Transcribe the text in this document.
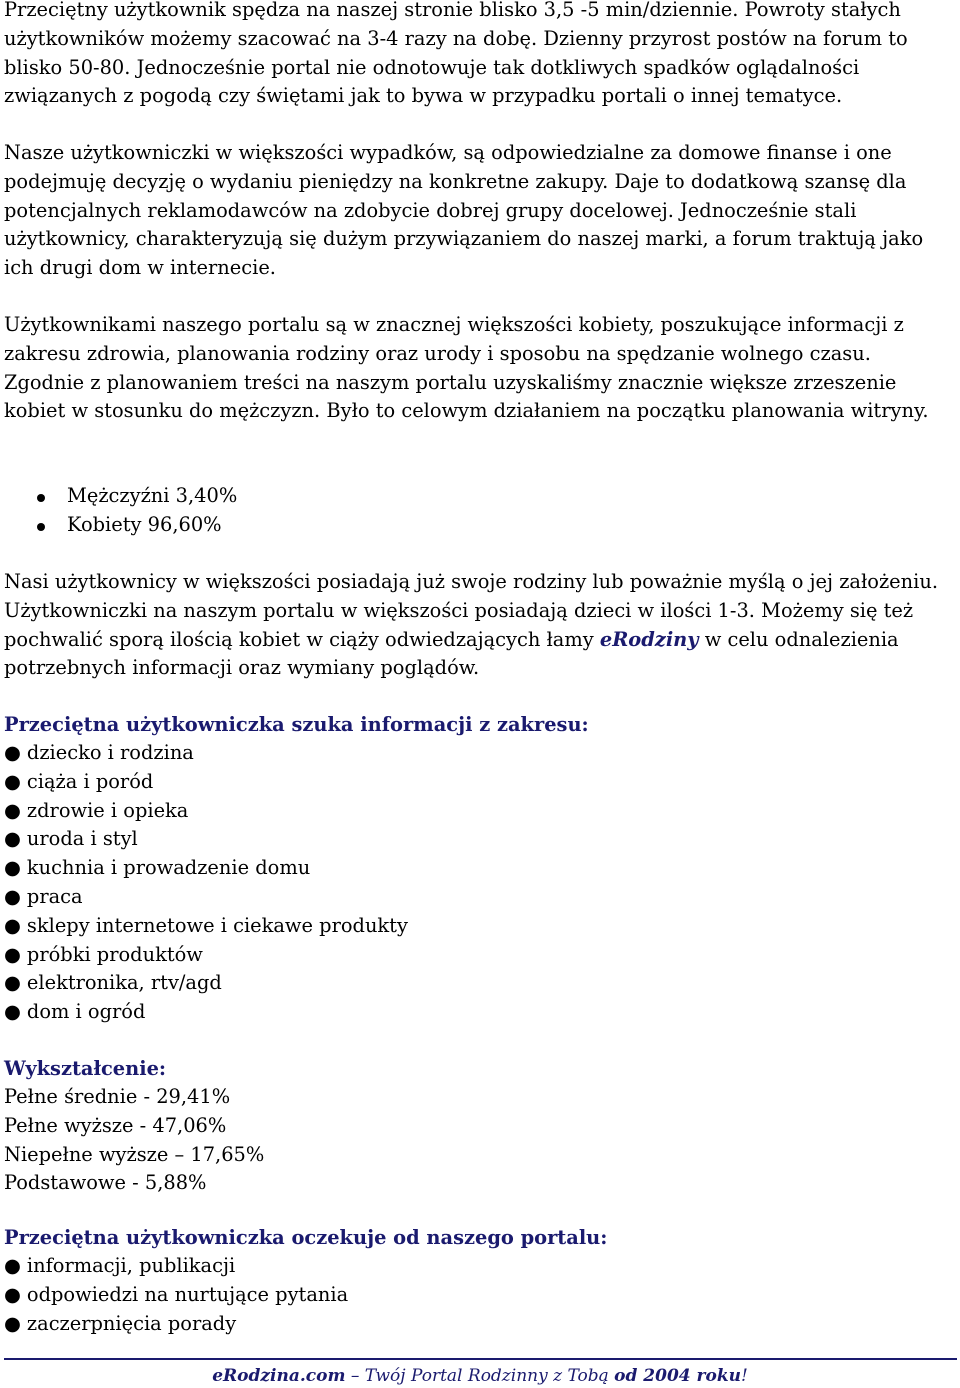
Przeciętny użytkownik spędza na naszej stronie blisko 3,5 -5 min/dziennie. Powroty stałych użytkowników możemy szacować na 3-4 razy na dobę. Dzienny przyrost postów na forum to blisko 50-80. Jednocześnie portal nie odnotowuje tak dotkliwych spadków oglądalności związanych z pogodą czy świętami jak to bywa w przypadku portali o innej tematyce.

Nasze użytkowniczki w większości wypadków, są odpowiedzialne za domowe finanse i one podejmuję decyzję o wydaniu pieniędzy na konkretne zakupy. Daje to dodatkową szansę dla potencjalnych reklamodawców na zdobycie dobrej grupy docelowej. Jednocześnie stali użytkownicy, charakteryzują się dużym przywiązaniem do naszej marki, a forum traktują jako ich drugi dom w internecie.

Użytkownikami naszego portalu są w znacznej większości kobiety, poszukujące informacji z zakresu zdrowia, planowania rodziny oraz urody i sposobu na spędzanie wolnego czasu. Zgodnie z planowaniem treści na naszym portalu uzyskaliśmy znacznie większe zrzeszenie kobiet w stosunku do mężczyzn. Było to celowym działaniem na początku planowania witryny.

Mężczyźni 3,40%
Kobiety 96,60%

Nasi użytkownicy w większości posiadają już swoje rodziny lub poważnie myślą o jej założeniu. Użytkowniczki na naszym portalu w większości posiadają dzieci w ilości 1-3. Możemy się też pochwalić sporą ilością kobiet w ciąży odwiedzających łamy eRodziny w celu odnalezienia potrzebnych informacji oraz wymiany poglądów.

Przeciętna użytkowniczka szuka informacji z zakresu:
● dziecko i rodzina
● ciąża i poród
● zdrowie i opieka
● uroda i styl
● kuchnia i prowadzenie domu
● praca
● sklepy internetowe i ciekawe produkty
● próbki produktów
● elektronika, rtv/agd
● dom i ogród
Wykształcenie:
Pełne średnie - 29,41%
Pełne wyższe - 47,06%
Niepełne wyższe – 17,65%
Podstawowe - 5,88%
Przeciętna użytkowniczka oczekuje od naszego portalu:
● informacji, publikacji
● odpowiedzi na nurtujące pytania
● zaczerpnięcia porady
eRodzina.com – Twój Portal Rodzinny z Tobą od 2004 roku!
